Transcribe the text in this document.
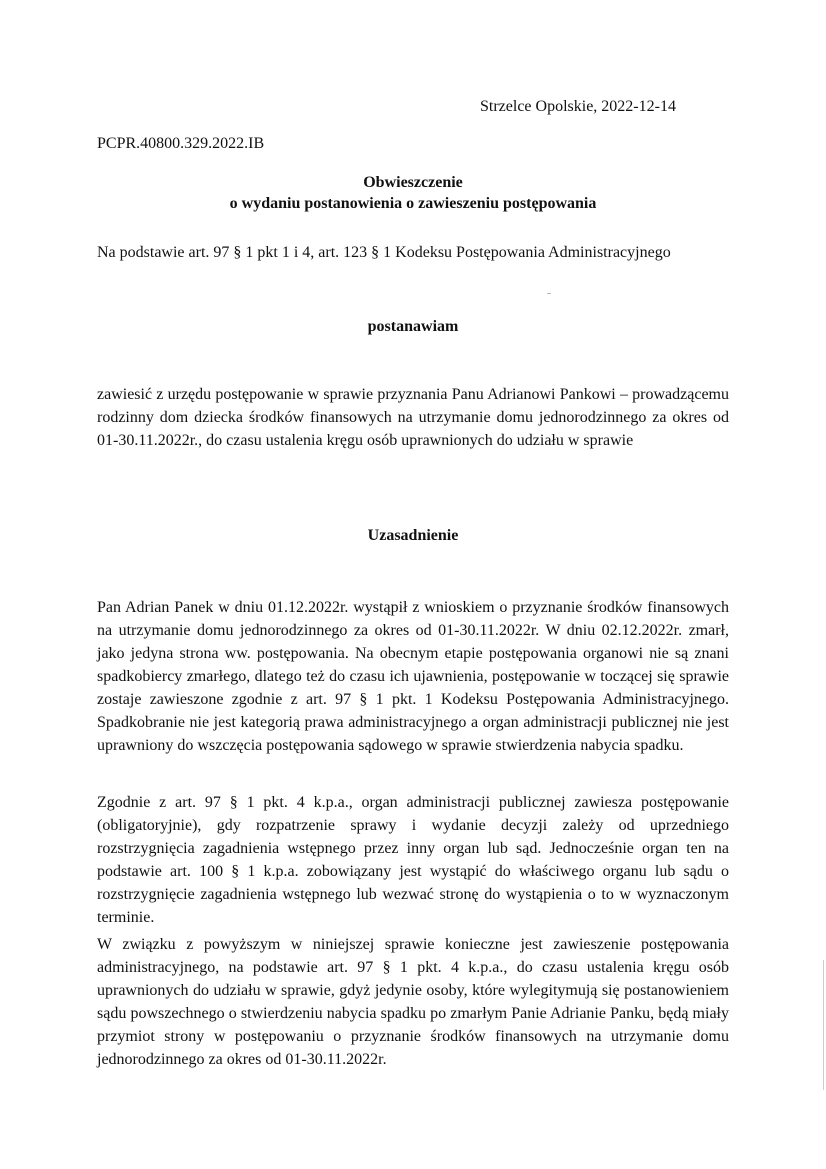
Strzelce Opolskie, 2022-12-14
PCPR.40800.329.2022.IB
Obwieszczenie
o wydaniu postanowienia o zawieszeniu postępowania
Na podstawie art. 97 § 1 pkt 1 i 4, art. 123 § 1 Kodeksu Postępowania Administracyjnego
postanawiam
zawiesić z urzędu postępowanie w sprawie przyznania Panu Adrianowi Pankowi – prowadzącemu rodzinny dom dziecka środków finansowych na utrzymanie domu jednorodzinnego za okres od 01-30.11.2022r., do czasu ustalenia kręgu osób uprawnionych do udziału w sprawie
Uzasadnienie
Pan Adrian Panek w dniu 01.12.2022r. wystąpił z wnioskiem o przyznanie środków finansowych na utrzymanie domu jednorodzinnego za okres od 01-30.11.2022r. W dniu 02.12.2022r. zmarł, jako jedyna strona ww. postępowania. Na obecnym etapie postępowania organowi nie są znani spadkobiercy zmarłego, dlatego też do czasu ich ujawnienia, postępowanie w toczącej się sprawie zostaje zawieszone zgodnie z art. 97 § 1 pkt. 1 Kodeksu Postępowania Administracyjnego. Spadkobranie nie jest kategorią prawa administracyjnego a organ administracji publicznej nie jest uprawniony do wszczęcia postępowania sądowego w sprawie stwierdzenia nabycia spadku.
Zgodnie z art. 97 § 1 pkt. 4 k.p.a., organ administracji publicznej zawiesza postępowanie (obligatoryjnie), gdy rozpatrzenie sprawy i wydanie decyzji zależy od uprzedniego rozstrzygnięcia zagadnienia wstępnego przez inny organ lub sąd. Jednocześnie organ ten na podstawie art. 100 § 1 k.p.a. zobowiązany jest wystąpić do właściwego organu lub sądu o rozstrzygnięcie zagadnienia wstępnego lub wezwać stronę do wystąpienia o to w wyznaczonym terminie.
W związku z powyższym w niniejszej sprawie konieczne jest zawieszenie postępowania administracyjnego, na podstawie art. 97 § 1 pkt. 4 k.p.a., do czasu ustalenia kręgu osób uprawnionych do udziału w sprawie, gdyż jedynie osoby, które wylegitymują się postanowieniem sądu powszechnego o stwierdzeniu nabycia spadku po zmarłym Panie Adrianie Panku, będą miały przymiot strony w postępowaniu o przyznanie środków finansowych na utrzymanie domu jednorodzinnego za okres od 01-30.11.2022r.
